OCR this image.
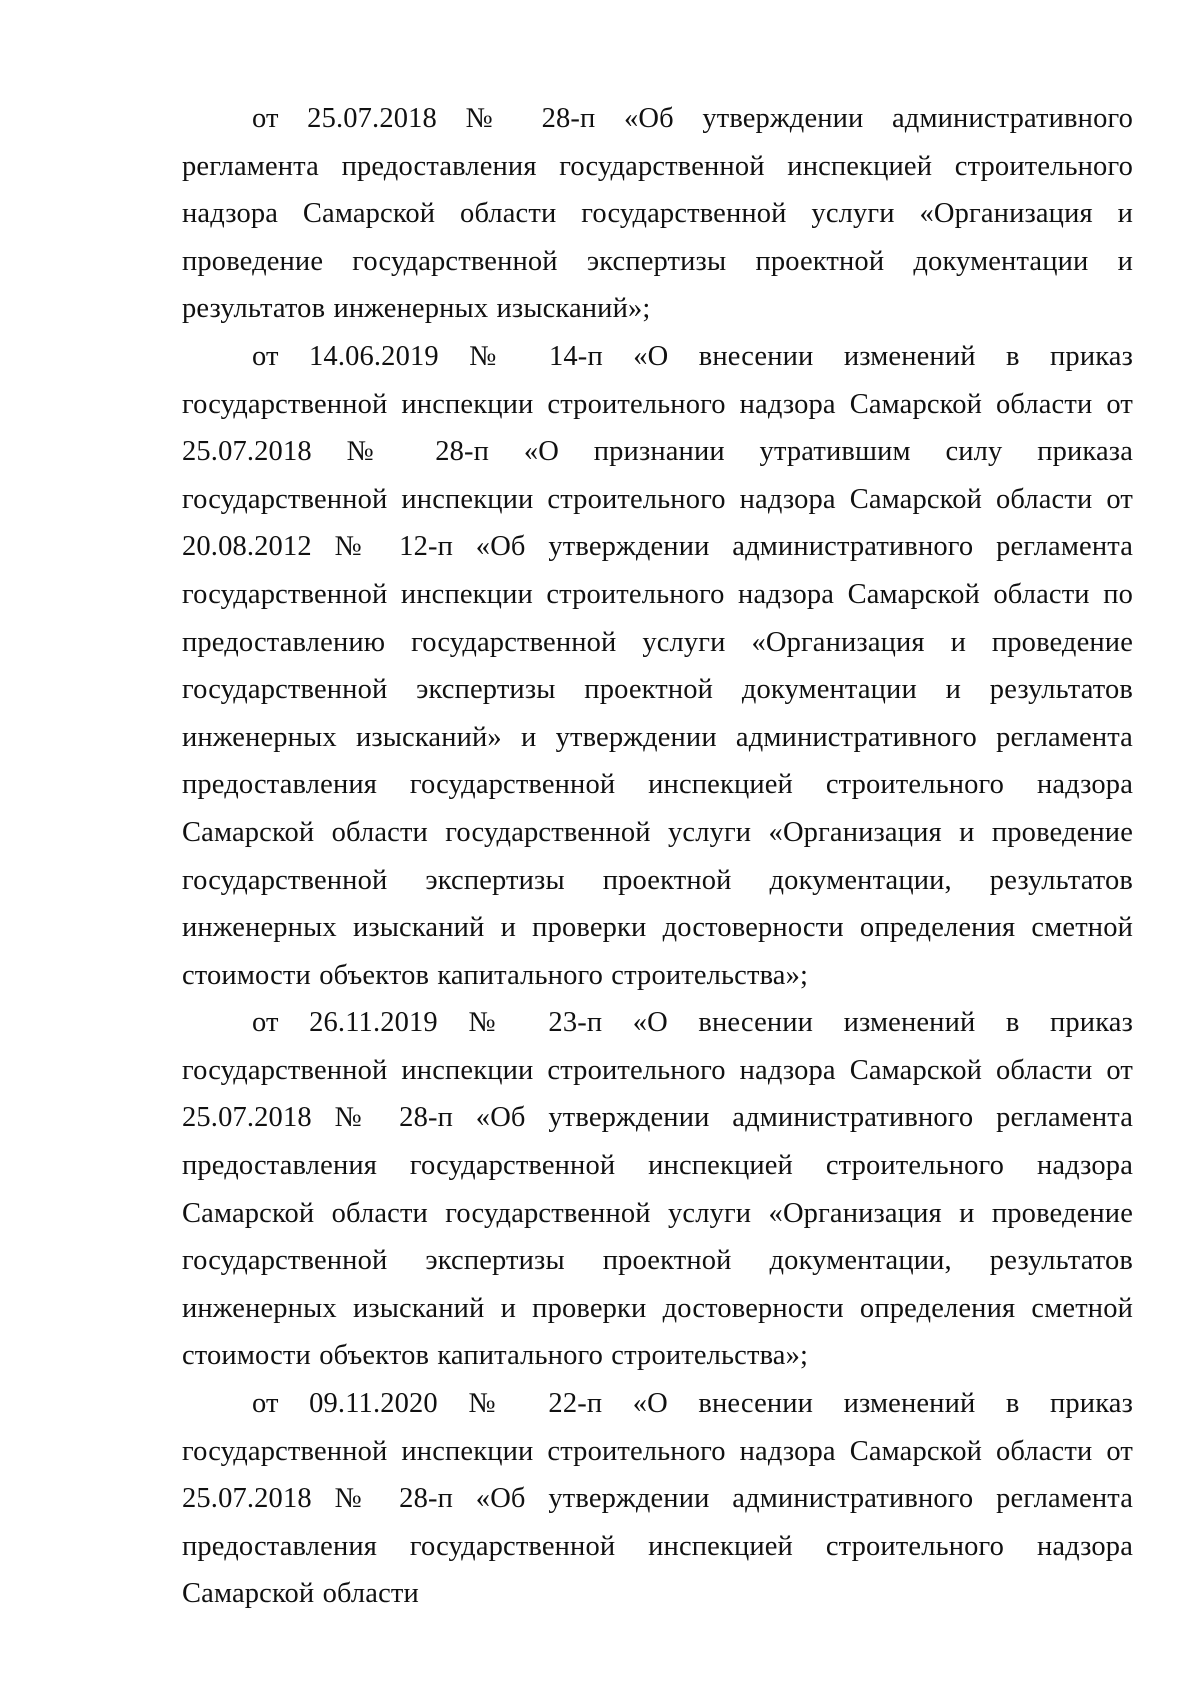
от 25.07.2018 № 28-п «Об утверждении административного регламента предоставления государственной инспекцией строительного надзора Самарской области государственной услуги «Организация и проведение государственной экспертизы проектной документации и результатов инженерных изысканий»;

от 14.06.2019 № 14-п «О внесении изменений в приказ государственной инспекции строительного надзора Самарской области от 25.07.2018 № 28-п «О признании утратившим силу приказа государственной инспекции строительного надзора Самарской области от 20.08.2012 № 12-п «Об утверждении административного регламента государственной инспекции строительного надзора Самарской области по предоставлению государственной услуги «Организация и проведение государственной экспертизы проектной документации и результатов инженерных изысканий» и утверждении административного регламента предоставления государственной инспекцией строительного надзора Самарской области государственной услуги «Организация и проведение государственной экспертизы проектной документации, результатов инженерных изысканий и проверки достоверности определения сметной стоимости объектов капитального строительства»;

от 26.11.2019 № 23-п «О внесении изменений в приказ государственной инспекции строительного надзора Самарской области от 25.07.2018 № 28-п «Об утверждении административного регламента предоставления государственной инспекцией строительного надзора Самарской области государственной услуги «Организация и проведение государственной экспертизы проектной документации, результатов инженерных изысканий и проверки достоверности определения сметной стоимости объектов капитального строительства»;

от 09.11.2020 № 22-п «О внесении изменений в приказ государственной инспекции строительного надзора Самарской области от 25.07.2018 № 28-п «Об утверждении административного регламента предоставления государственной инспекцией строительного надзора Самарской области
